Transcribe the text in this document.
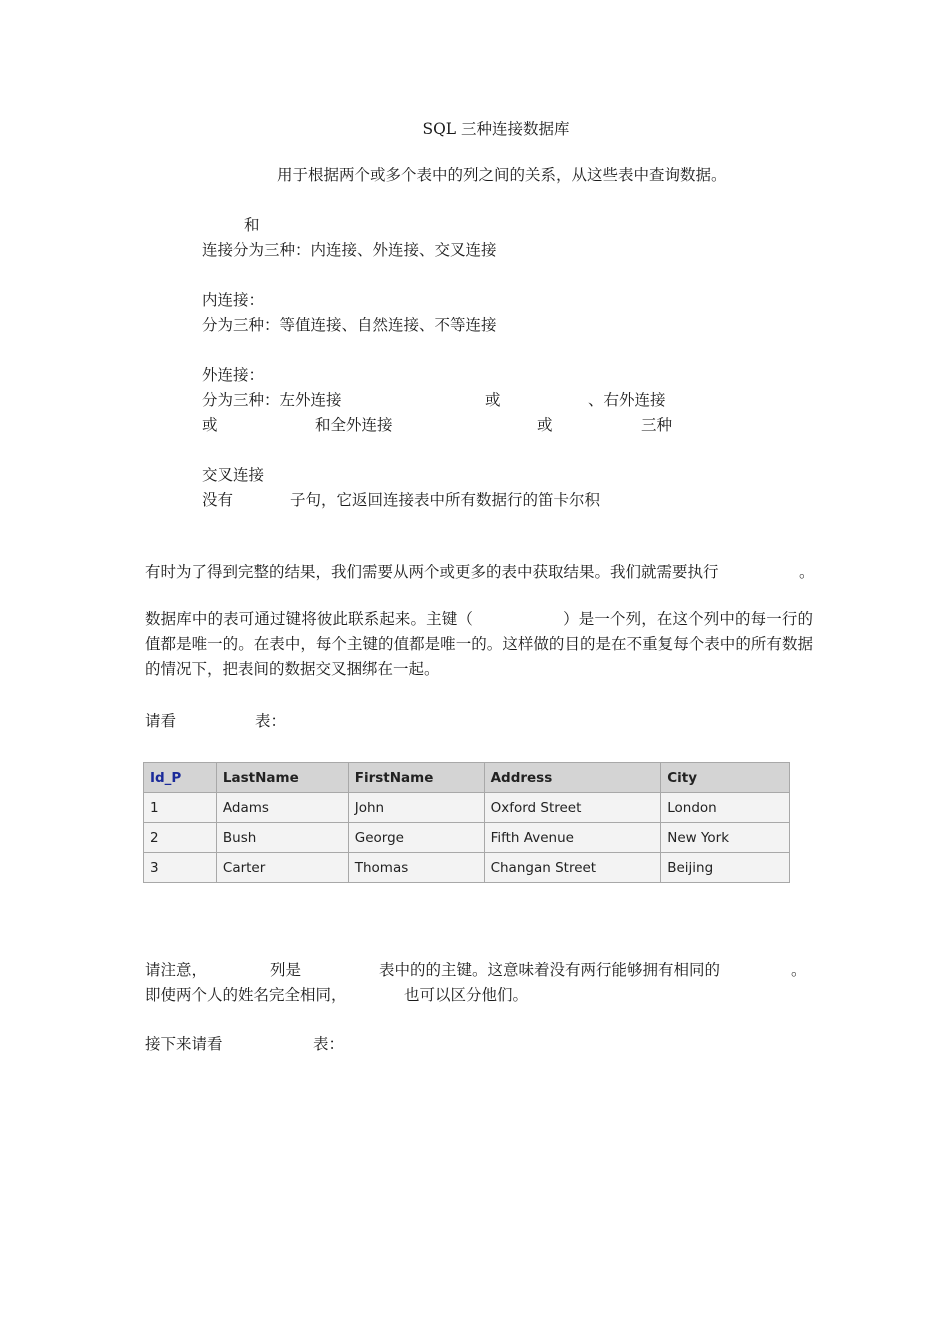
SQL 三种连接数据库

用于根据两个或多个表中的列之间的关系，从这些表中查询数据。

和

连接分为三种：内连接、外连接、交叉连接

内连接：

分为三种：等值连接、自然连接、不等连接

外连接：

分为三种：左外连接	或	、右外连接

或	和全外连接	或	三种

交叉连接

没有	子句，它返回连接表中所有数据行的笛卡尔积

有时为了得到完整的结果，我们需要从两个或更多的表中获取结果。我们就需要执行	。

数据库中的表可通过键将彼此联系起来。主键（	）是一个列，在这个列中的每一行的值都是唯一的。在表中，每个主键的值都是唯一的。这样做的目的是在不重复每个表中的所有数据的情况下，把表间的数据交叉捆绑在一起。

请看	表：

Id_P	LastName	FirstName	Address	City
1	Adams	John	Oxford Street	London
2	Bush	George	Fifth Avenue	New York
3	Carter	Thomas	Changan Street	Beijing

请注意，	列是	表中的的主键。这意味着没有两行能够拥有相同的	。

即使两个人的姓名完全相同，	也可以区分他们。

接下来请看	表：
